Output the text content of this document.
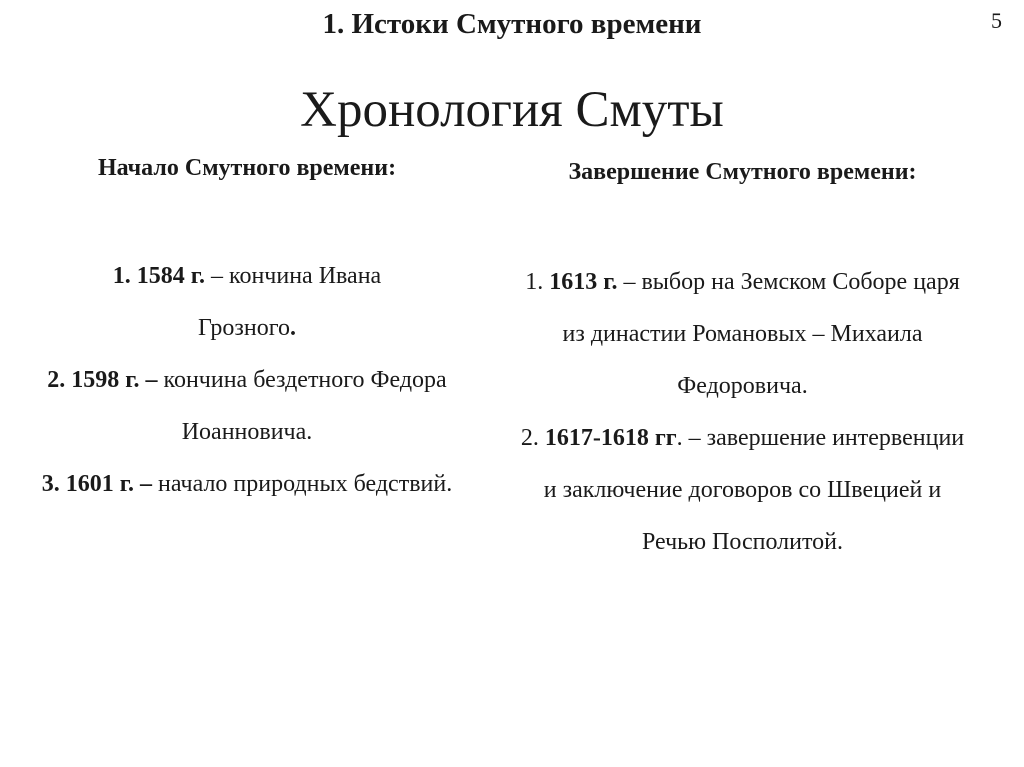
1. Истоки Смутного времени	5
Хронология Смуты
Начало Смутного времени:
1. 1584 г. – кончина Ивана
Грозного.
2. 1598 г. – кончина бездетного Федора Иоанновича.
3. 1601 г. – начало природных бедствий.
Завершение Смутного времени:
1. 1613 г. – выбор на Земском Соборе царя из династии Романовых – Михаила Федоровича.
2. 1617-1618 гг. – завершение интервенции и заключение договоров со Швецией и Речью Посполитой.
